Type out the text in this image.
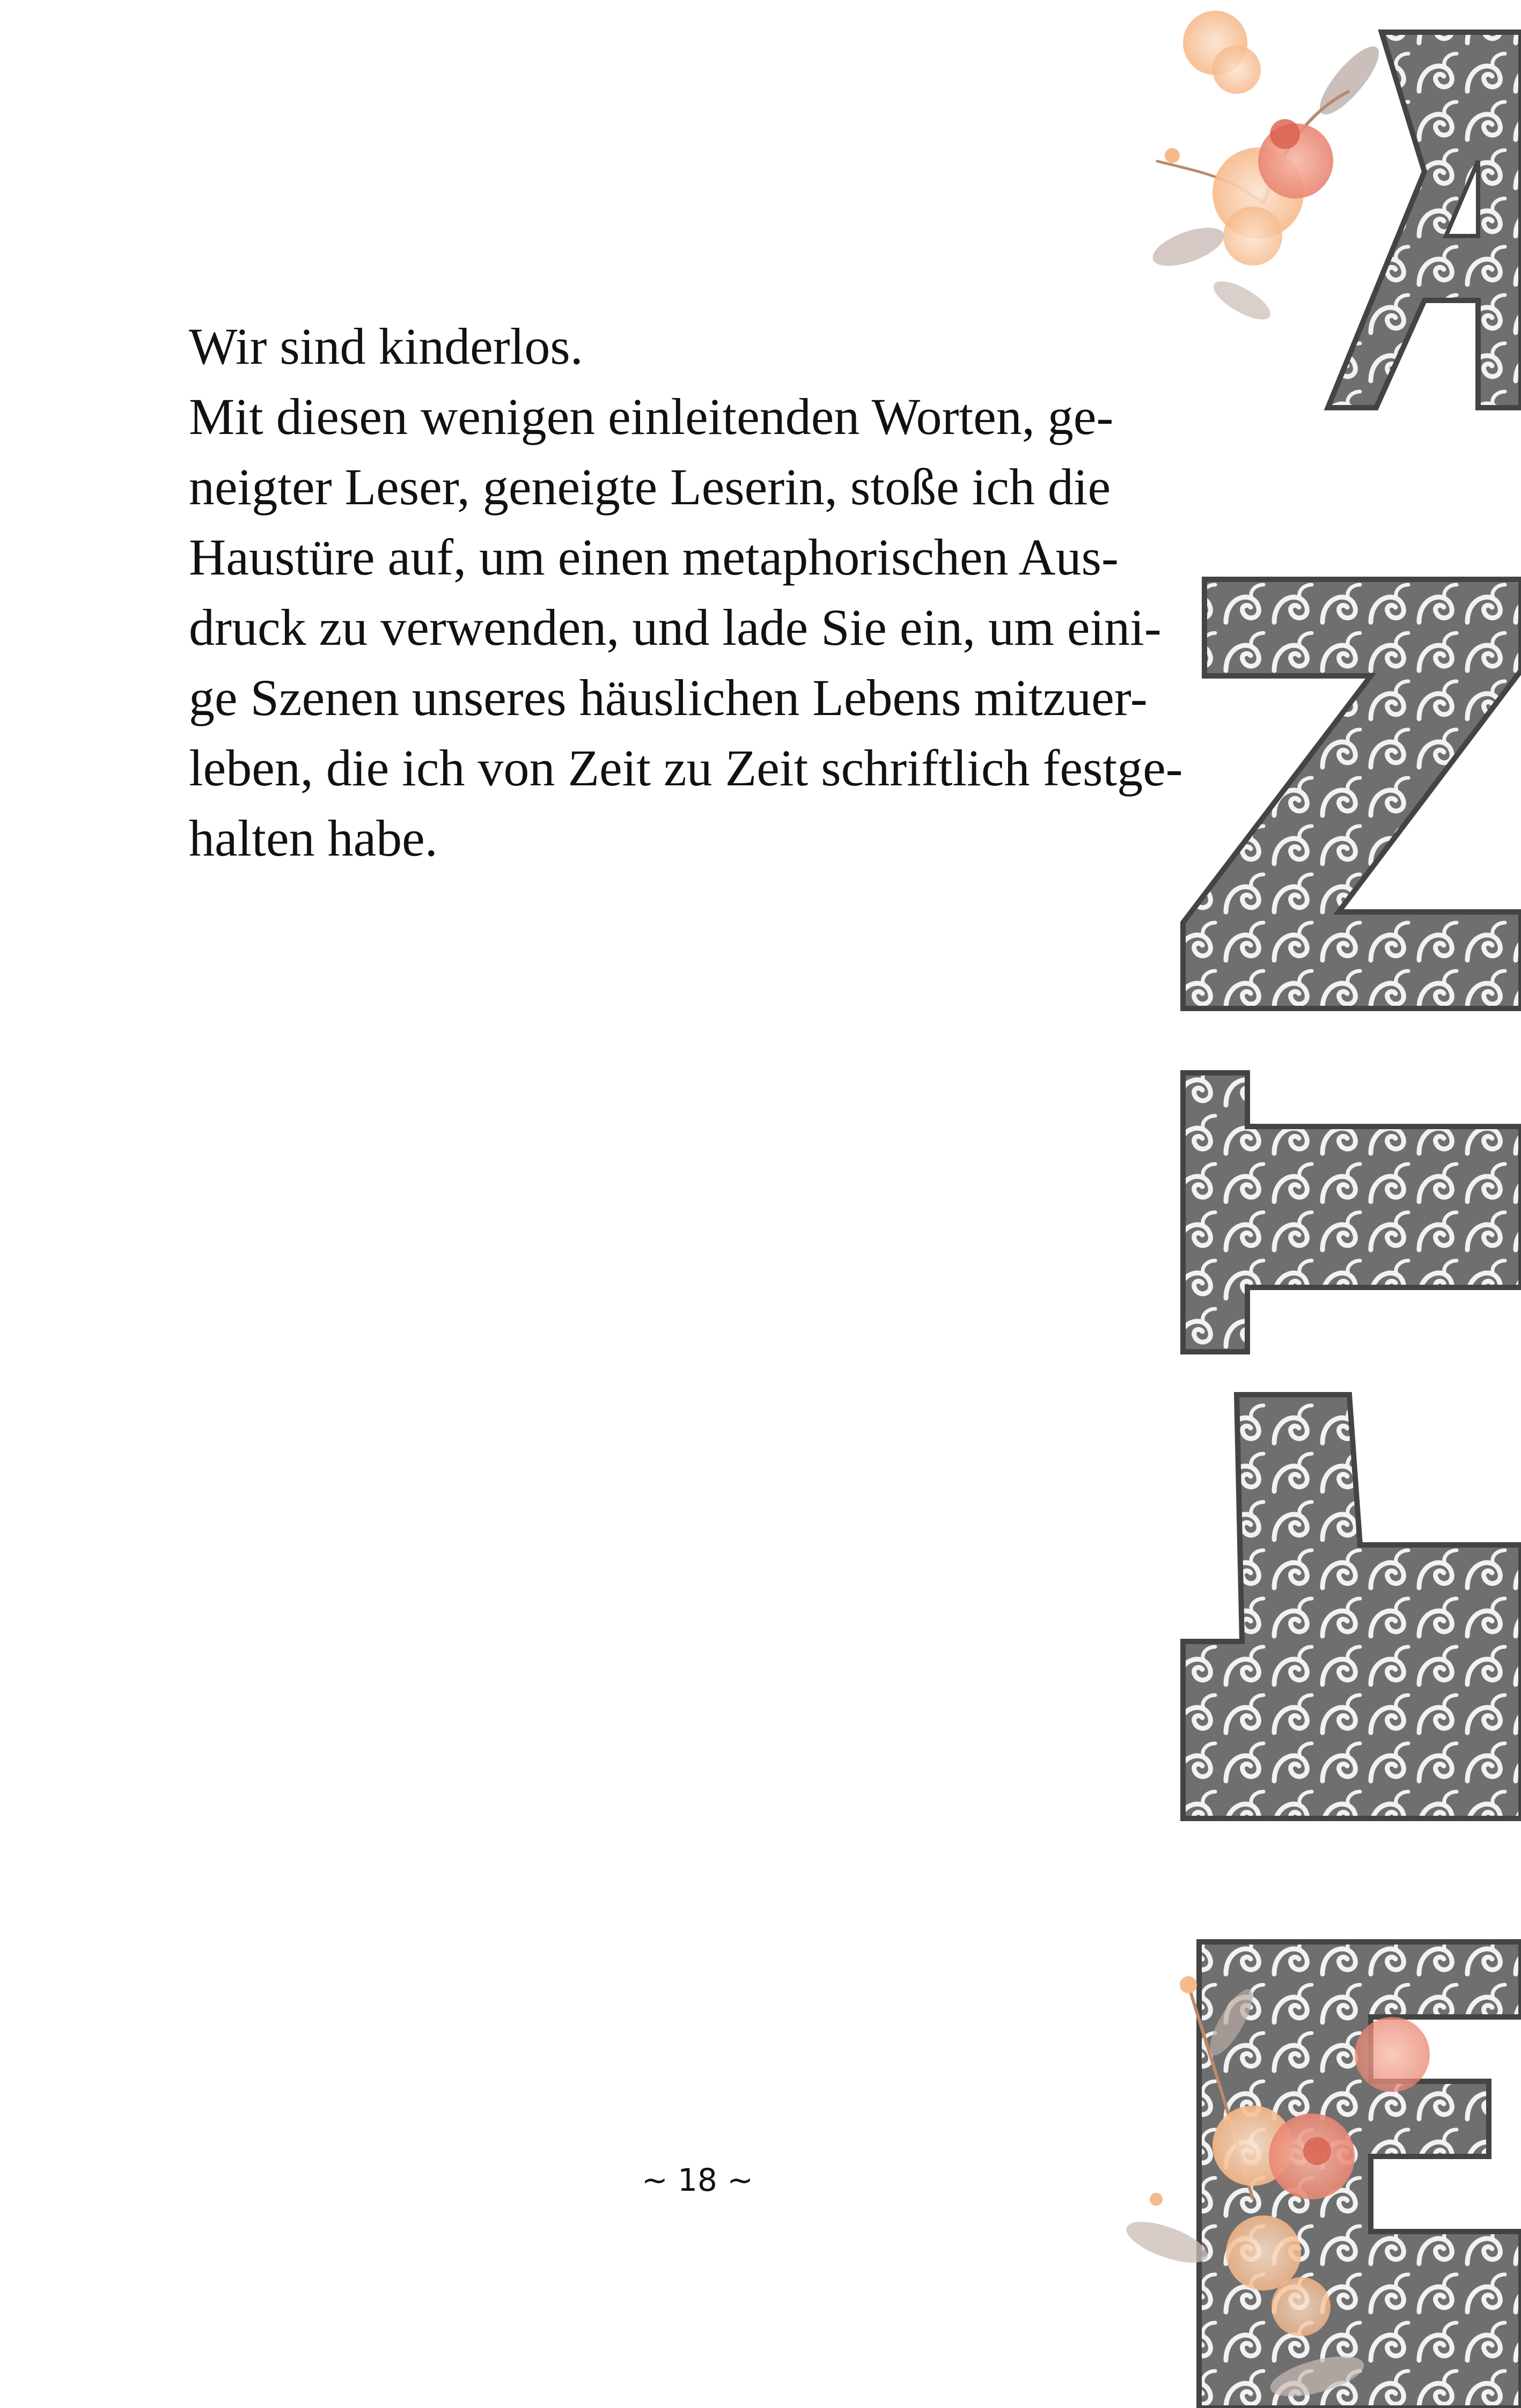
Wir sind kinderlos.
Mit diesen wenigen einleitenden Worten, ge-
neigter Leser, geneigte Leserin, stoße ich die
Haustüre auf, um einen metaphorischen Aus-
druck zu verwenden, und lade Sie ein, um eini-
ge Szenen unseres häuslichen Lebens mitzuer-
leben, die ich von Zeit zu Zeit schriftlich festge-
halten habe.
~ 18 ~
